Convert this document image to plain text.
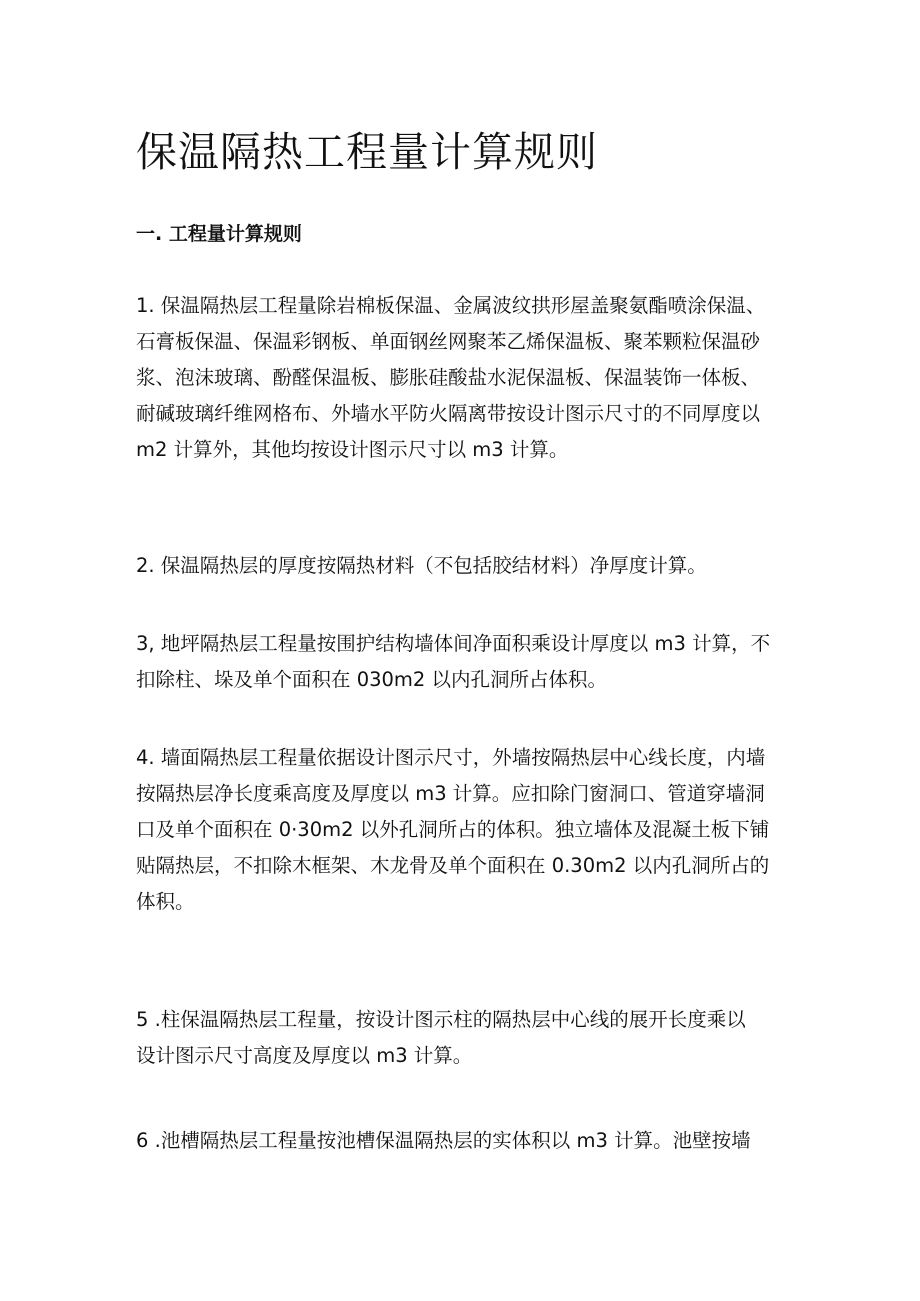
保温隔热工程量计算规则
一. 工程量计算规则

1. 保温隔热层工程量除岩棉板保温、金属波纹拱形屋盖聚氨酯喷涂保温、
石膏板保温、保温彩钢板、单面钢丝网聚苯乙烯保温板、聚苯颗粒保温砂
浆、泡沫玻璃、酚醛保温板、膨胀硅酸盐水泥保温板、保温装饰一体板、
耐碱玻璃纤维网格布、外墙水平防火隔离带按设计图示尺寸的不同厚度以
m2 计算外，其他均按设计图示尺寸以 m3 计算。

2. 保温隔热层的厚度按隔热材料（不包括胶结材料）净厚度计算。

3, 地坪隔热层工程量按围护结构墙体间净面积乘设计厚度以 m3 计算，不
扣除柱、垛及单个面积在 030m2 以内孔洞所占体积。

4. 墙面隔热层工程量依据设计图示尺寸，外墙按隔热层中心线长度，内墙
按隔热层净长度乘高度及厚度以 m3 计算。应扣除门窗洞口、管道穿墙洞
口及单个面积在 0·30m2 以外孔洞所占的体积。独立墙体及混凝土板下铺
贴隔热层，不扣除木框架、木龙骨及单个面积在 0.30m2 以内孔洞所占的
体积。

5 .柱保温隔热层工程量，按设计图示柱的隔热层中心线的展开长度乘以
设计图示尺寸高度及厚度以 m3 计算。

6 .池槽隔热层工程量按池槽保温隔热层的实体积以 m3 计算。池壁按墙
